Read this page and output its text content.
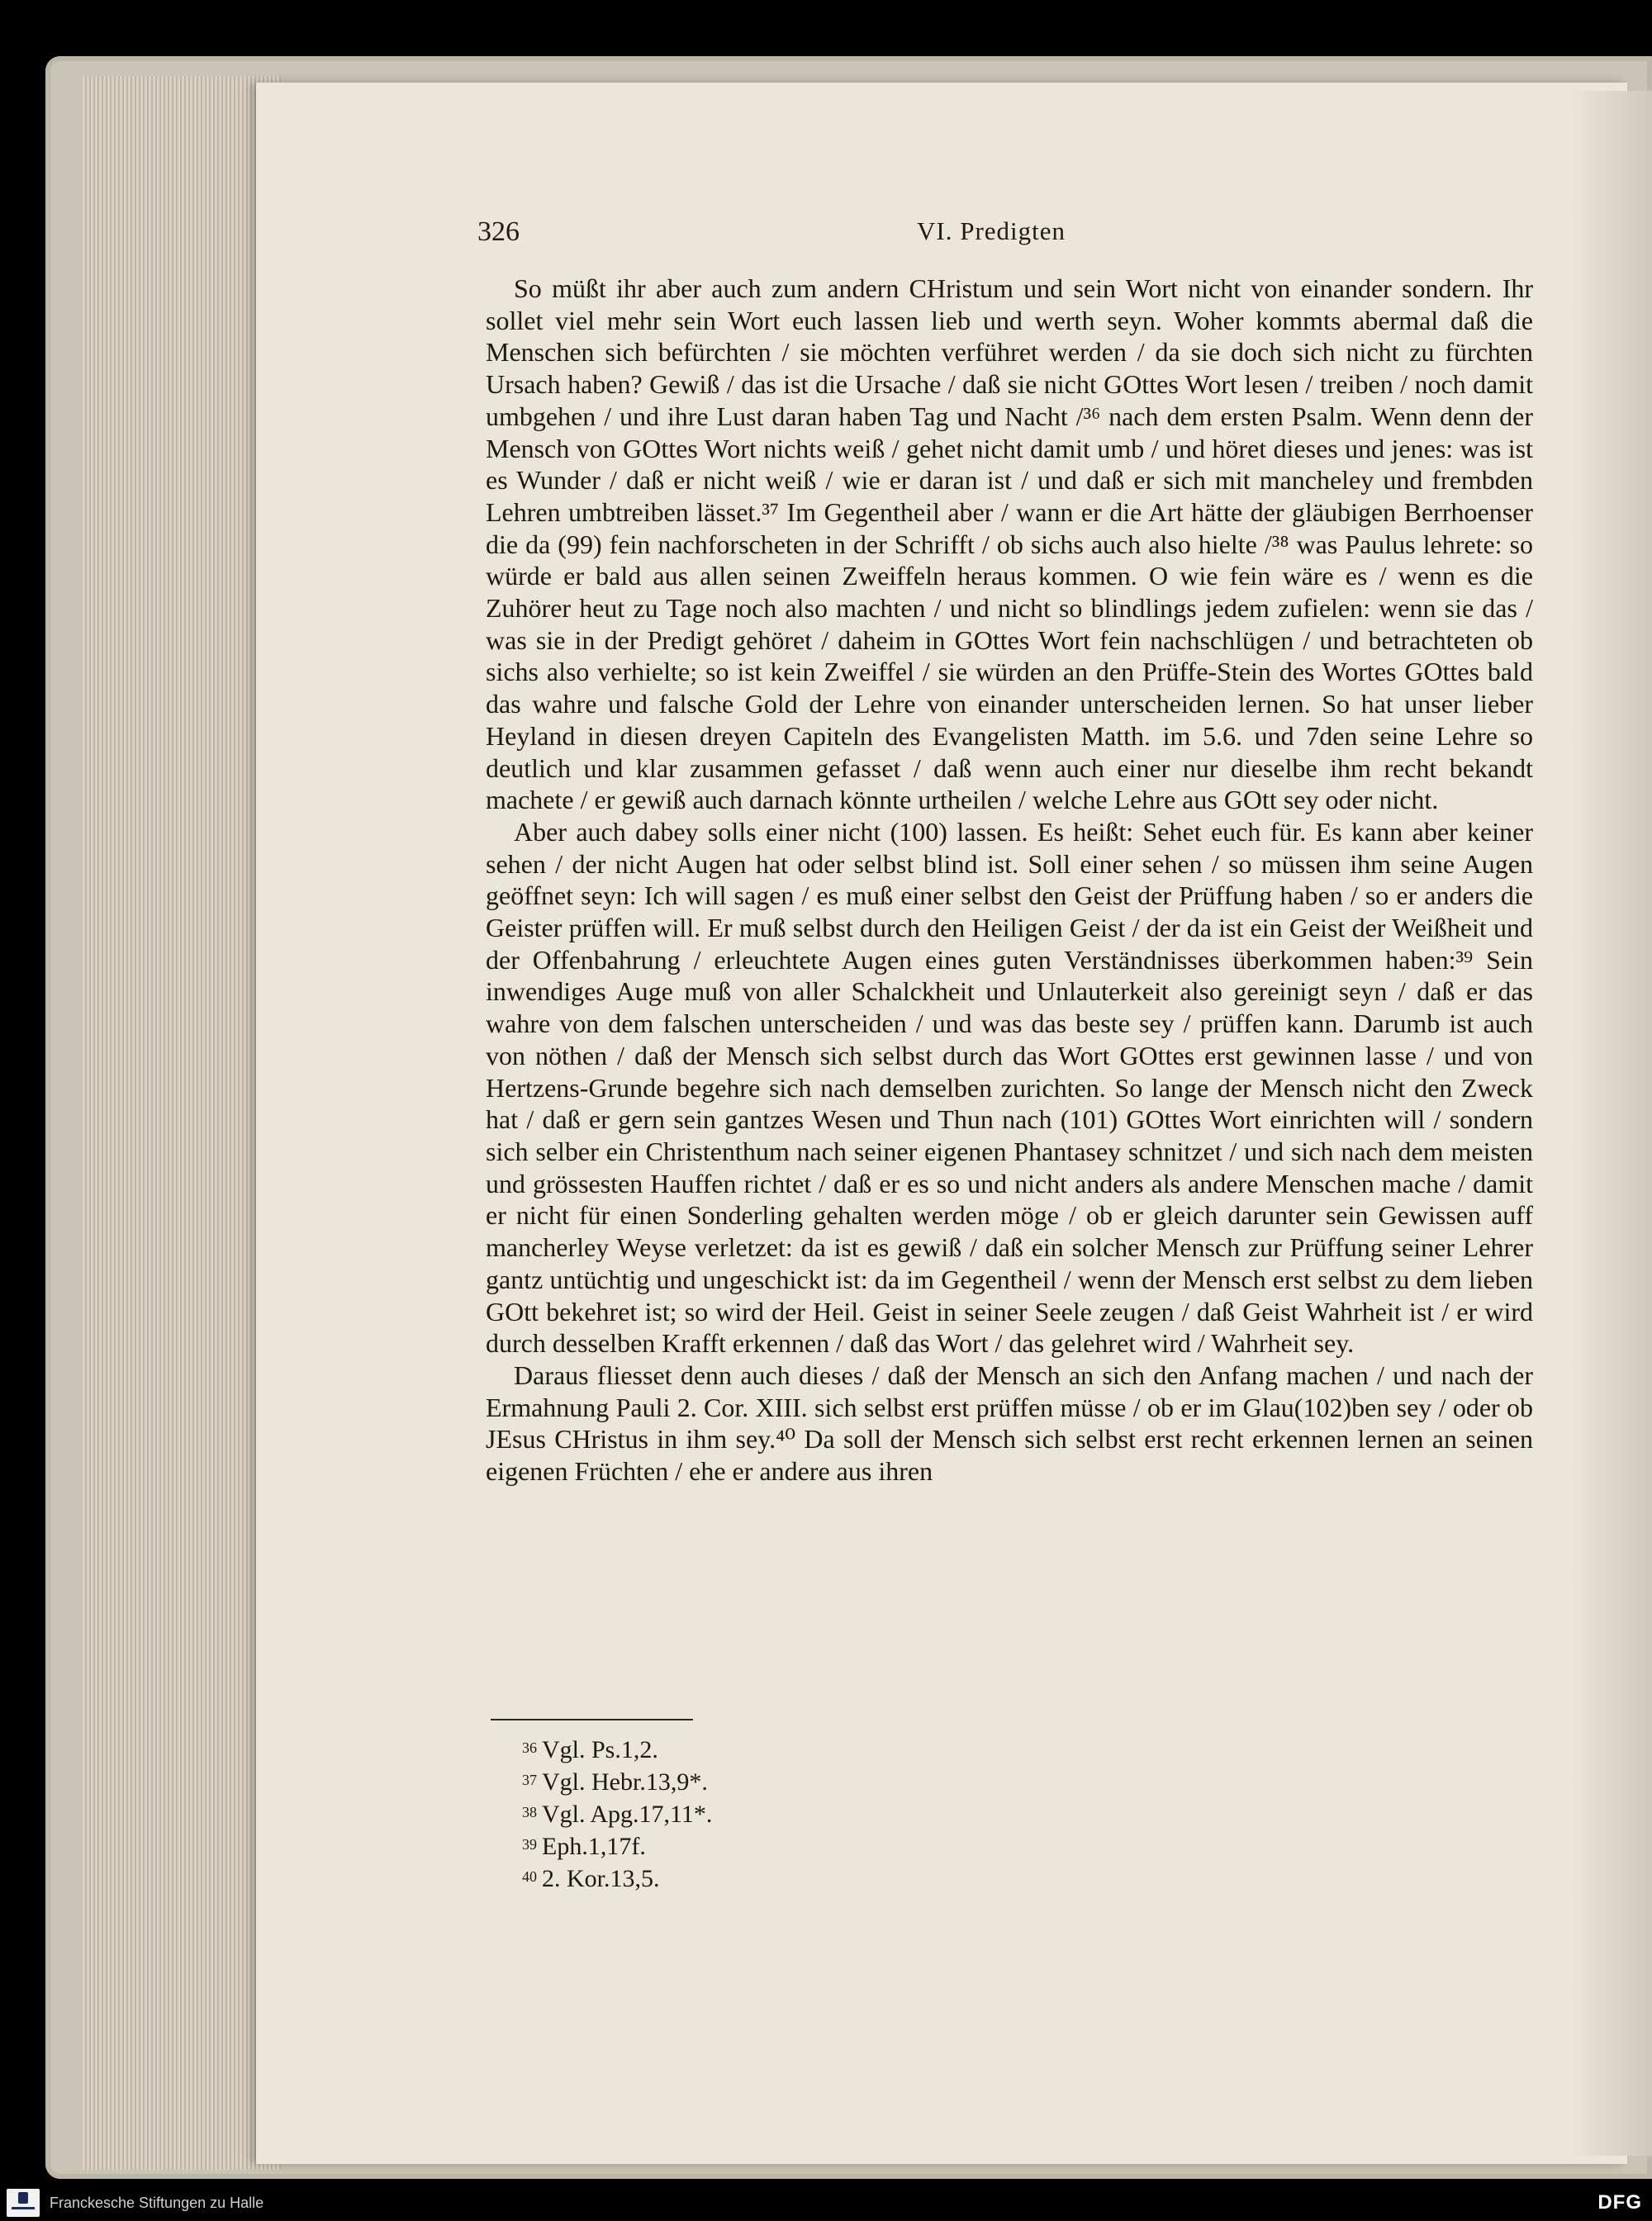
326	VI. Predigten

So müßt ihr aber auch zum andern CHristum und sein Wort nicht von einander sondern. Ihr sollet viel mehr sein Wort euch lassen lieb und werth seyn. Woher kommts abermal daß die Menschen sich befürchten / sie möchten verführet werden / da sie doch sich nicht zu fürchten Ursach haben? Gewiß / das ist die Ursache / daß sie nicht GOttes Wort lesen / treiben / noch damit umbgehen / und ihre Lust daran haben Tag und Nacht /³⁶ nach dem ersten Psalm. Wenn denn der Mensch von GOttes Wort nichts weiß / gehet nicht damit umb / und höret dieses und jenes: was ist es Wunder / daß er nicht weiß / wie er daran ist / und daß er sich mit mancheley und frembden Lehren umbtreiben lässet.³⁷ Im Gegentheil aber / wann er die Art hätte der gläubigen Berrhoenser die da (99) fein nachforscheten in der Schrifft / ob sichs auch also hielte /³⁸ was Paulus lehrete: so würde er bald aus allen seinen Zweiffeln heraus kommen. O wie fein wäre es / wenn es die Zuhörer heut zu Tage noch also machten / und nicht so blindlings jedem zufielen: wenn sie das / was sie in der Predigt gehöret / daheim in GOttes Wort fein nachschlügen / und betrachteten ob sichs also verhielte; so ist kein Zweiffel / sie würden an den Prüffe-Stein des Wortes GOttes bald das wahre und falsche Gold der Lehre von einander unterscheiden lernen. So hat unser lieber Heyland in diesen dreyen Capiteln des Evangelisten Matth. im 5.6. und 7den seine Lehre so deutlich und klar zusammen gefasset / daß wenn auch einer nur dieselbe ihm recht bekandt machete / er gewiß auch darnach könnte urtheilen / welche Lehre aus GOtt sey oder nicht.

Aber auch dabey solls einer nicht (100) lassen. Es heißt: Sehet euch für. Es kann aber keiner sehen / der nicht Augen hat oder selbst blind ist. Soll einer sehen / so müssen ihm seine Augen geöffnet seyn: Ich will sagen / es muß einer selbst den Geist der Prüffung haben / so er anders die Geister prüffen will. Er muß selbst durch den Heiligen Geist / der da ist ein Geist der Weißheit und der Offenbahrung / erleuchtete Augen eines guten Verständnisses überkommen haben:³⁹ Sein inwendiges Auge muß von aller Schalckheit und Unlauterkeit also gereinigt seyn / daß er das wahre von dem falschen unterscheiden / und was das beste sey / prüffen kann. Darumb ist auch von nöthen / daß der Mensch sich selbst durch das Wort GOttes erst gewinnen lasse / und von Hertzens-Grunde begehre sich nach demselben zurichten. So lange der Mensch nicht den Zweck hat / daß er gern sein gantzes Wesen und Thun nach (101) GOttes Wort einrichten will / sondern sich selber ein Christenthum nach seiner eigenen Phantasey schnitzet / und sich nach dem meisten und grössesten Hauffen richtet / daß er es so und nicht anders als andere Menschen mache / damit er nicht für einen Sonderling gehalten werden möge / ob er gleich darunter sein Gewissen auff mancherley Weyse verletzet: da ist es gewiß / daß ein solcher Mensch zur Prüffung seiner Lehrer gantz untüchtig und ungeschickt ist: da im Gegentheil / wenn der Mensch erst selbst zu dem lieben GOtt bekehret ist; so wird der Heil. Geist in seiner Seele zeugen / daß Geist Wahrheit ist / er wird durch desselben Krafft erkennen / daß das Wort / das gelehret wird / Wahrheit sey.

Daraus fliesset denn auch dieses / daß der Mensch an sich den Anfang machen / und nach der Ermahnung Pauli 2. Cor. XIII. sich selbst erst prüffen müsse / ob er im Glau(102)ben sey / oder ob JEsus CHristus in ihm sey.⁴⁰ Da soll der Mensch sich selbst erst recht erkennen lernen an seinen eigenen Früchten / ehe er andere aus ihren

$^{36}$ Vgl. Ps.1,2.
$^{37}$ Vgl. Hebr.13,9*.
$^{38}$ Vgl. Apg.17,11*.
$^{39}$ Eph.1,17f.
$^{40}$ 2. Kor.13,5.
Franckesche Stiftungen zu Halle	DFG
